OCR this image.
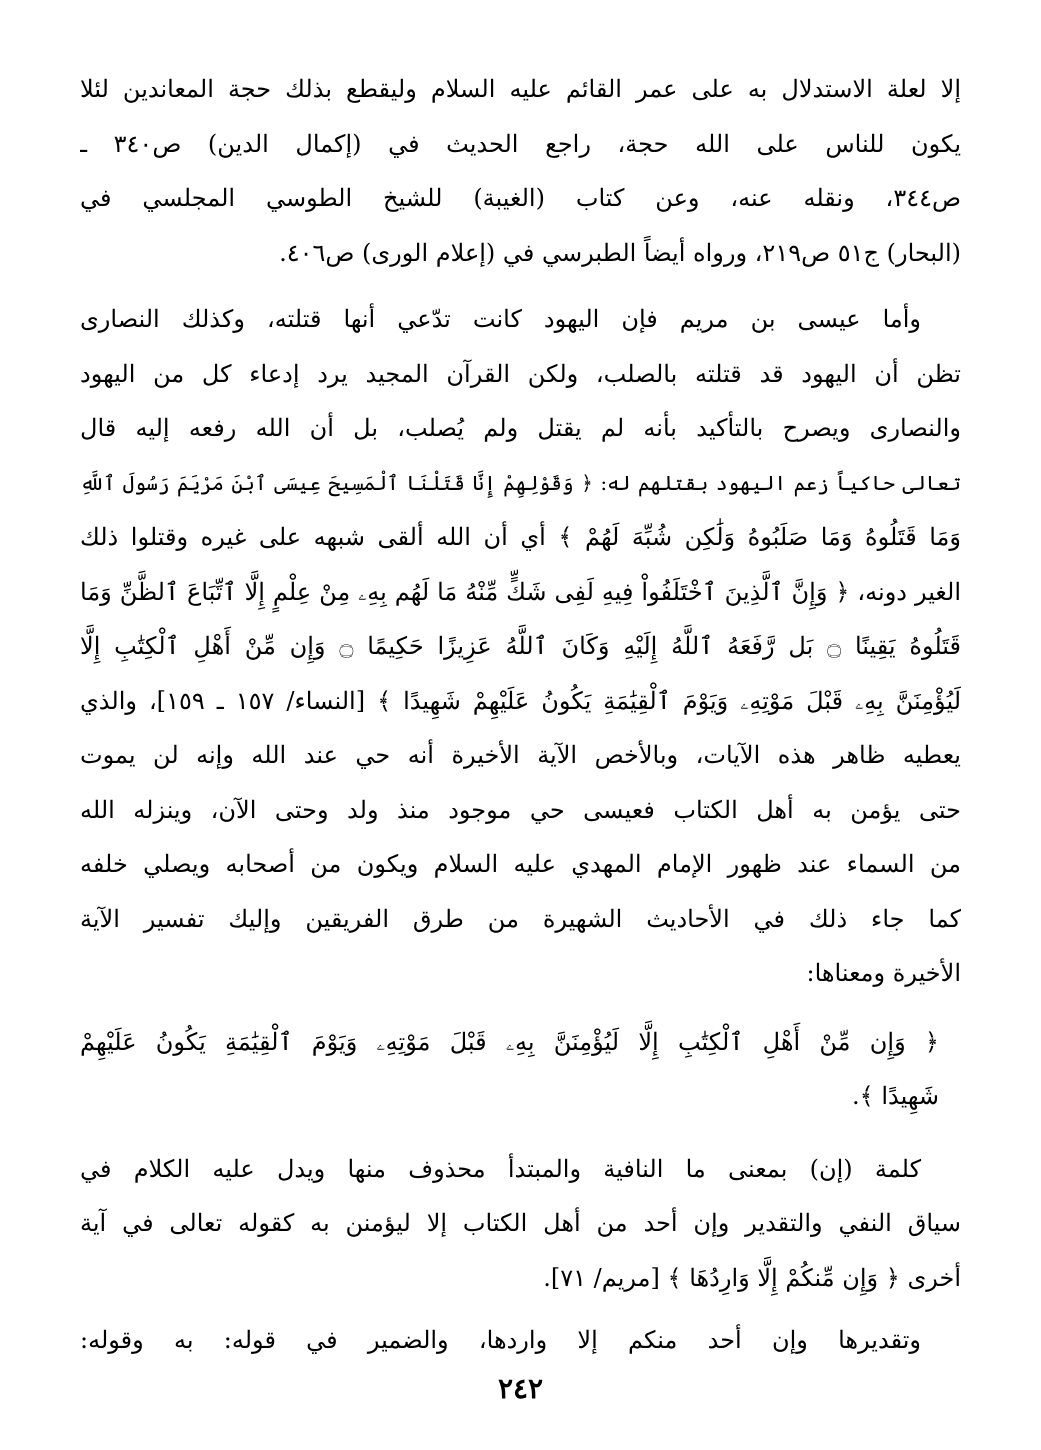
إلا لعلة الاستدلال به على عمر القائم عليه السلام وليقطع بذلك حجة المعاندين لئلا
يكون للناس على الله حجة، راجع الحديث في (إكمال الدين) ص٣٤٠ ـ
ص٣٤٤، ونقله عنه، وعن كتاب (الغيبة) للشيخ الطوسي المجلسي في
(البحار) ج٥١ ص٢١٩، ورواه أيضاً الطبرسي في (إعلام الورى) ص٤٠٦.

وأما عيسى بن مريم فإن اليهود كانت تدّعي أنها قتلته، وكذلك النصارى
تظن أن اليهود قد قتلته بالصلب، ولكن القرآن المجيد يرد إدعاء كل من اليهود
والنصارى ويصرح بالتأكيد بأنه لم يقتل ولم يُصلب، بل أن الله رفعه إليه قال
تعالى حاكياً زعم اليهود بقتلهم له: ﴿ وَقَوْلِهِمْ إِنَّا قَتَلْنَا ٱلْمَسِيحَ عِيسَى ٱبْنَ مَرْيَمَ رَسُولَ ٱللَّهِ
وَمَا قَتَلُوهُ وَمَا صَلَبُوهُ وَلَٰكِن شُبِّهَ لَهُمْ ﴾ أي أن الله ألقى شبهه على غيره وقتلوا ذلك
الغير دونه، ﴿ وَإِنَّ ٱلَّذِينَ ٱخْتَلَفُواْ فِيهِ لَفِى شَكٍّ مِّنْهُ مَا لَهُم بِهِۦ مِنْ عِلْمٍ إِلَّا ٱتِّبَاعَ ٱلظَّنِّ وَمَا
قَتَلُوهُ يَقِينًا ۝ بَل رَّفَعَهُ ٱللَّهُ إِلَيْهِ وَكَانَ ٱللَّهُ عَزِيزًا حَكِيمًا ۝ وَإِن مِّنْ أَهْلِ ٱلْكِتَٰبِ إِلَّا
لَيُؤْمِنَنَّ بِهِۦ قَبْلَ مَوْتِهِۦ وَيَوْمَ ٱلْقِيَٰمَةِ يَكُونُ عَلَيْهِمْ شَهِيدًا ﴾ [النساء/ ١٥٧ ـ ١٥٩]، والذي
يعطيه ظاهر هذه الآيات، وبالأخص الآية الأخيرة أنه حي عند الله وإنه لن يموت
حتى يؤمن به أهل الكتاب فعيسى حي موجود منذ ولد وحتى الآن، وينزله الله
من السماء عند ظهور الإمام المهدي عليه السلام ويكون من أصحابه ويصلي خلفه
كما جاء ذلك في الأحاديث الشهيرة من طرق الفريقين وإليك تفسير الآية
الأخيرة ومعناها:

﴿ وَإِن مِّنْ أَهْلِ ٱلْكِتَٰبِ إِلَّا لَيُؤْمِنَنَّ بِهِۦ قَبْلَ مَوْتِهِۦ وَيَوْمَ ٱلْقِيَٰمَةِ يَكُونُ عَلَيْهِمْ
شَهِيدًا ﴾.

كلمة (إن) بمعنى ما النافية والمبتدأ محذوف منها ويدل عليه الكلام في
سياق النفي والتقدير وإن أحد من أهل الكتاب إلا ليؤمنن به كقوله تعالى في آية
أخرى ﴿ وَإِن مِّنكُمْ إِلَّا وَارِدُهَا ﴾ [مريم/ ٧١].

وتقديرها وإن أحد منكم إلا واردها، والضمير في قوله: به وقوله:

٢٤٢
